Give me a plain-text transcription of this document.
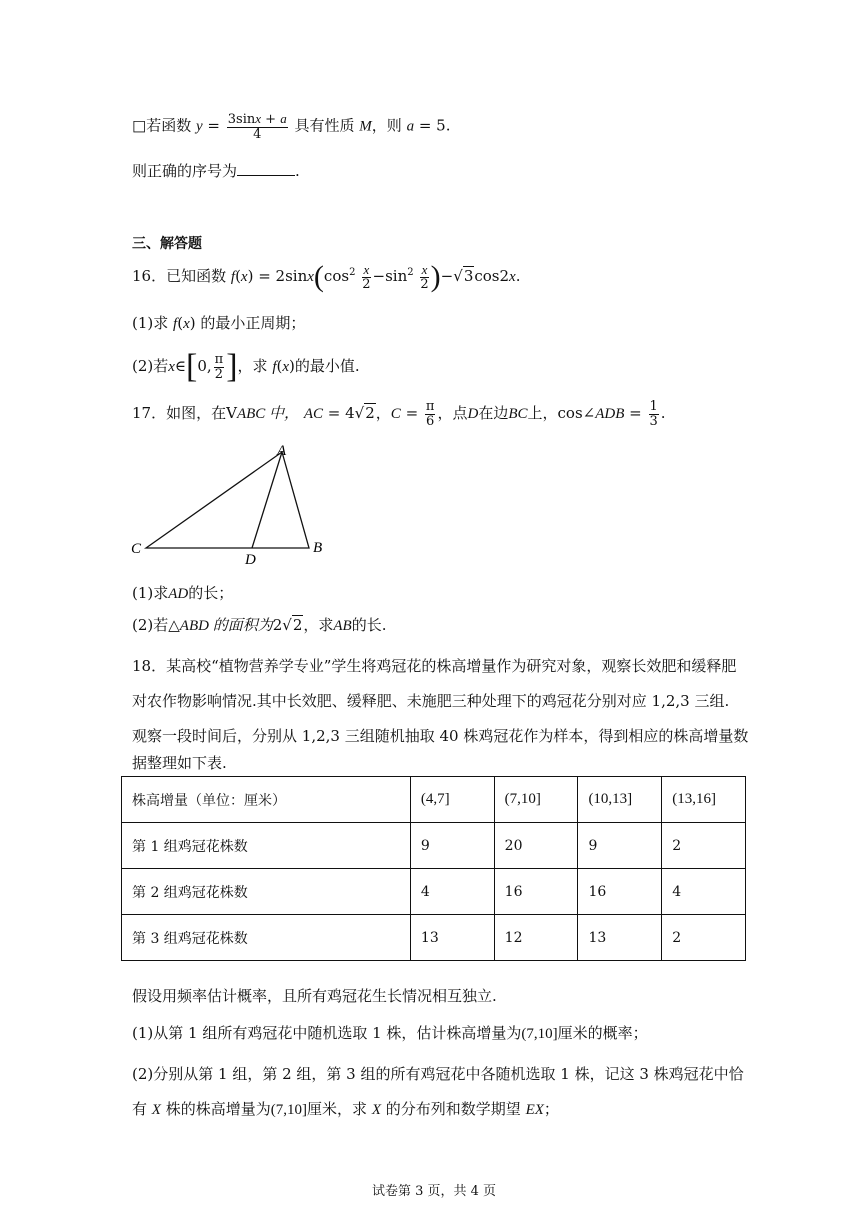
□若函数 $y = \frac{3\sin x + a}{4}$ 具有性质 M，则 a = 5.
则正确的序号为	.
三、解答题
16．已知函数 $f(x) = 2\sin x(\cos^2 \frac{x}{2} -\sin^2 \frac{x}{2} )-√3\cos 2x$.
(1)求 f(x) 的最小正周期；
(2)若x∈[0, $\frac{\pi}{2}$ ]，求 f(x)的最小值.
17．如图，在VABC 中， AC = 4√2，$C = \frac{\pi}{6}$ ，点D在边BC上，cos∠ADB = $\frac{1}{3}$ .
A
B
C
D
(1)求AD的长；
(2)若△ABD 的面积为2√2，求AB的长.
18．某高校“植物营养学专业”学生将鸡冠花的株高增量作为研究对象，观察长效肥和缓释肥
对农作物影响情况.其中长效肥、缓释肥、未施肥三种处理下的鸡冠花分别对应 1,2,3 三组.
观察一段时间后，分别从 1,2,3 三组随机抽取 40 株鸡冠花作为样本，得到相应的株高增量数
据整理如下表.
株高增量（单位：厘米）	(4,7]	(7,10]	(10,13]	(13,16]
第 1 组鸡冠花株数	9	20	9	2
第 2 组鸡冠花株数	4	16	16	4
第 3 组鸡冠花株数	13	12	13	2
假设用频率估计概率，且所有鸡冠花生长情况相互独立.
(1)从第 1 组所有鸡冠花中随机选取 1 株，估计株高增量为(7,10]厘米的概率；
(2)分别从第 1 组，第 2 组，第 3 组的所有鸡冠花中各随机选取 1 株，记这 3 株鸡冠花中恰
有 X 株的株高增量为(7,10]厘米，求 X 的分布列和数学期望 EX；
试卷第 3 页，共 4 页
